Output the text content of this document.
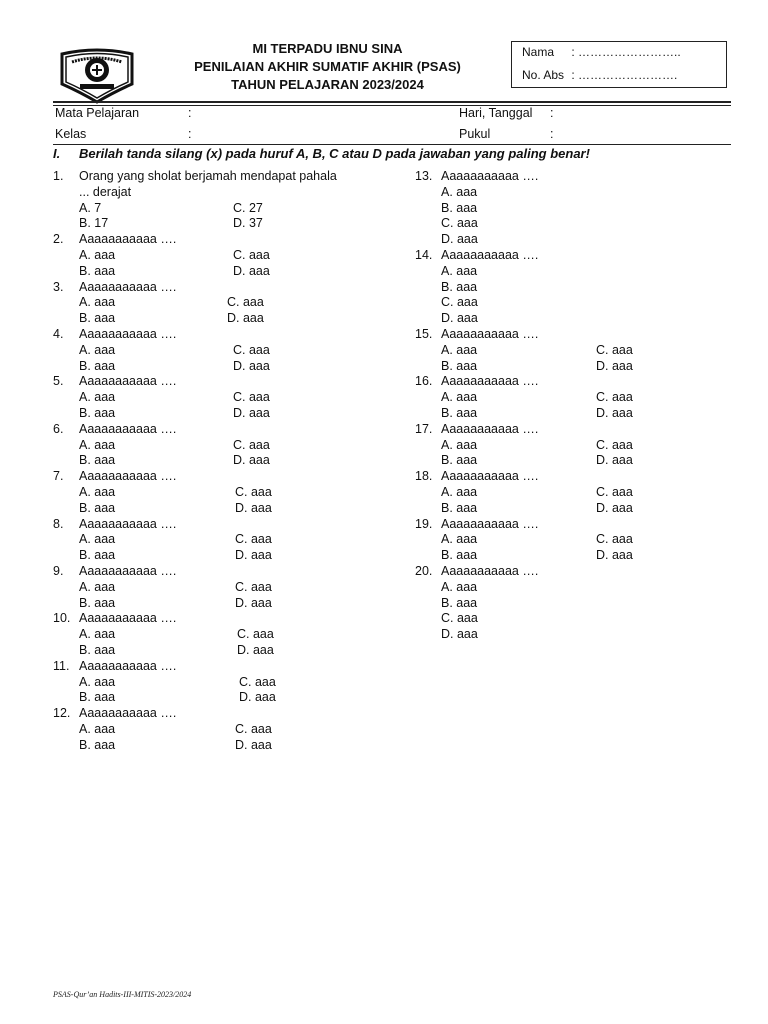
MI TERPADU IBNU SINA
PENILAIAN AKHIR SUMATIF AKHIR (PSAS)
TAHUN PELAJARAN 2023/2024
Nama : ……………………..
No. Abs : …………………….
Mata Pelajaran	:
Kelas	:
Hari, Tanggal :
Pukul	:
I. Berilah tanda silang (x) pada huruf A, B, C atau D pada jawaban yang paling benar!
1. Orang yang sholat berjamah mendapat pahala
... derajat
A. 7	C. 27
B. 17	D. 37
2. Aaaaaaaaaaa ….
A. aaa	C. aaa
B. aaa	D. aaa
3. Aaaaaaaaaaa ….
A. aaa	C. aaa
B. aaa	D. aaa
4. Aaaaaaaaaaa ….
A. aaa	C. aaa
B. aaa	D. aaa
5. Aaaaaaaaaaa ….
A. aaa	C. aaa
B. aaa	D. aaa
6. Aaaaaaaaaaa ….
A. aaa	C. aaa
B. aaa	D. aaa
7. Aaaaaaaaaaa ….
A. aaa	C. aaa
B. aaa	D. aaa
8. Aaaaaaaaaaa ….
A. aaa	C. aaa
B. aaa	D. aaa
9. Aaaaaaaaaaa ….
A. aaa	C. aaa
B. aaa	D. aaa
10. Aaaaaaaaaaa ….
A. aaa	C. aaa
B. aaa	D. aaa
11. Aaaaaaaaaaa ….
A. aaa	C. aaa
B. aaa	D. aaa
12. Aaaaaaaaaaa ….
A. aaa	C. aaa
B. aaa	D. aaa
13. Aaaaaaaaaaa ….
A. aaa
B. aaa
C. aaa
D. aaa
14. Aaaaaaaaaaa ….
A. aaa
B. aaa
C. aaa
D. aaa
15. Aaaaaaaaaaa ….
A. aaa	C. aaa
B. aaa	D. aaa
16. Aaaaaaaaaaa ….
A. aaa	C. aaa
B. aaa	D. aaa
17. Aaaaaaaaaaa ….
A. aaa	C. aaa
B. aaa	D. aaa
18. Aaaaaaaaaaa ….
A. aaa	C. aaa
B. aaa	D. aaa
19. Aaaaaaaaaaa ….
A. aaa	C. aaa
B. aaa	D. aaa
20. Aaaaaaaaaaa ….
A. aaa
B. aaa
C. aaa
D. aaa
PSAS-Qur’an Hadits-III-MITIS-2023/2024
